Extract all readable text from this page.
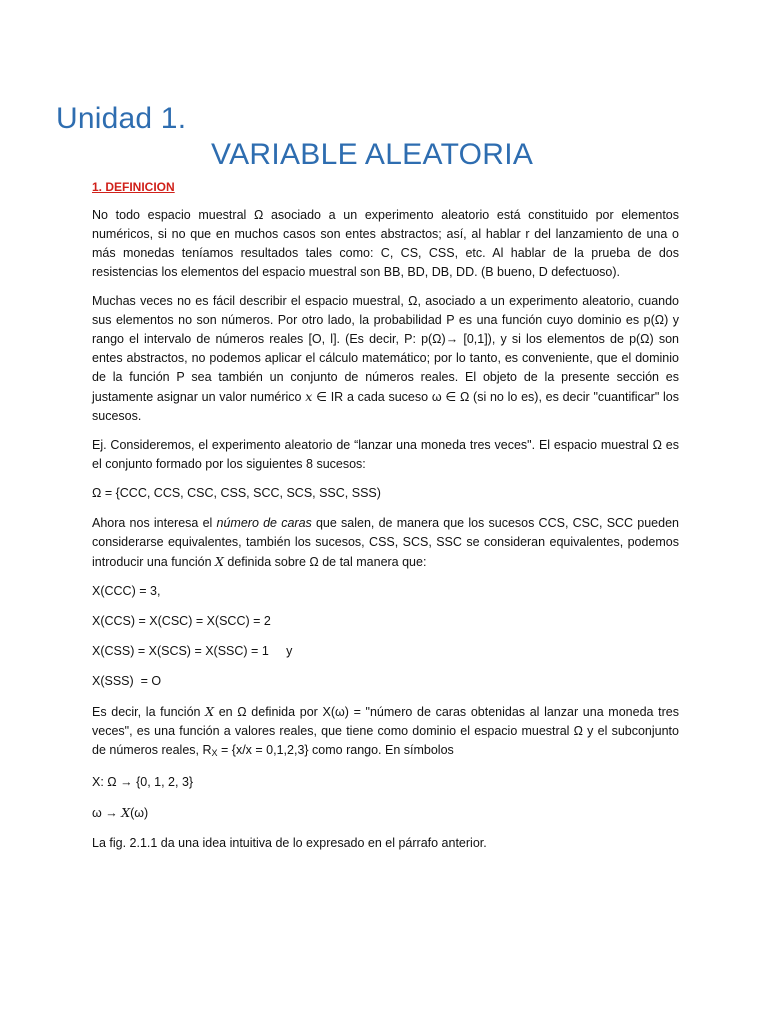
Unidad 1.
VARIABLE ALEATORIA
1. DEFINICION

No todo espacio muestral Ω asociado a un experimento aleatorio está constituido por elementos numéricos, si no que en muchos casos son entes abstractos; así, al hablar r del lanzamiento de una o más monedas teníamos resultados tales como: C, CS, CSS, etc. Al hablar de la prueba de dos resistencias los elementos del espacio muestral son BB, BD, DB, DD. (B bueno, D defectuoso).

Muchas veces no es fácil describir el espacio muestral, Ω, asociado a un experimento aleatorio, cuando sus elementos no son números. Por otro lado, la probabilidad P es una función cuyo dominio es p(Ω) y rango el intervalo de números reales [O, l]. (Es decir, P: p(Ω)→ [0,1]), y si los elementos de p(Ω) son entes abstractos, no podemos aplicar el cálculo matemático; por lo tanto, es conveniente, que el dominio de la función P sea también un conjunto de números reales. El objeto de la presente sección es justamente asignar un valor numérico x ∈ IR a cada suceso ω ∈ Ω (si no lo es), es decir "cuantificar" los sucesos.

Ej. Consideremos, el experimento aleatorio de “lanzar una moneda tres veces". El espacio muestral Ω es el conjunto formado por los siguientes 8 sucesos:

Ω = {CCC, CCS, CSC, CSS, SCC, SCS, SSC, SSS)

Ahora nos interesa el número de caras que salen, de manera que los sucesos CCS, CSC, SCC pueden considerarse equivalentes, también los sucesos, CSS, SCS, SSC se consideran equivalentes, podemos introducir una función X definida sobre Ω de tal manera que:

X(CCC) = 3,

X(CCS) = X(CSC) = X(SCC) = 2

X(CSS) = X(SCS) = X(SSC) = 1     y

X(SSS)  = O

Es decir, la función X en Ω definida por X(ω) = "número de caras obtenidas al lanzar una moneda tres veces", es una función a valores reales, que tiene como dominio el espacio muestral Ω y el subconjunto de números reales, $R_X = \{x/x = 0,1,2,3\}$ como rango. En símbolos

X: Ω → {0, 1, 2, 3}

ω → X(ω)

La fig. 2.1.1 da una idea intuitiva de lo expresado en el párrafo anterior.
